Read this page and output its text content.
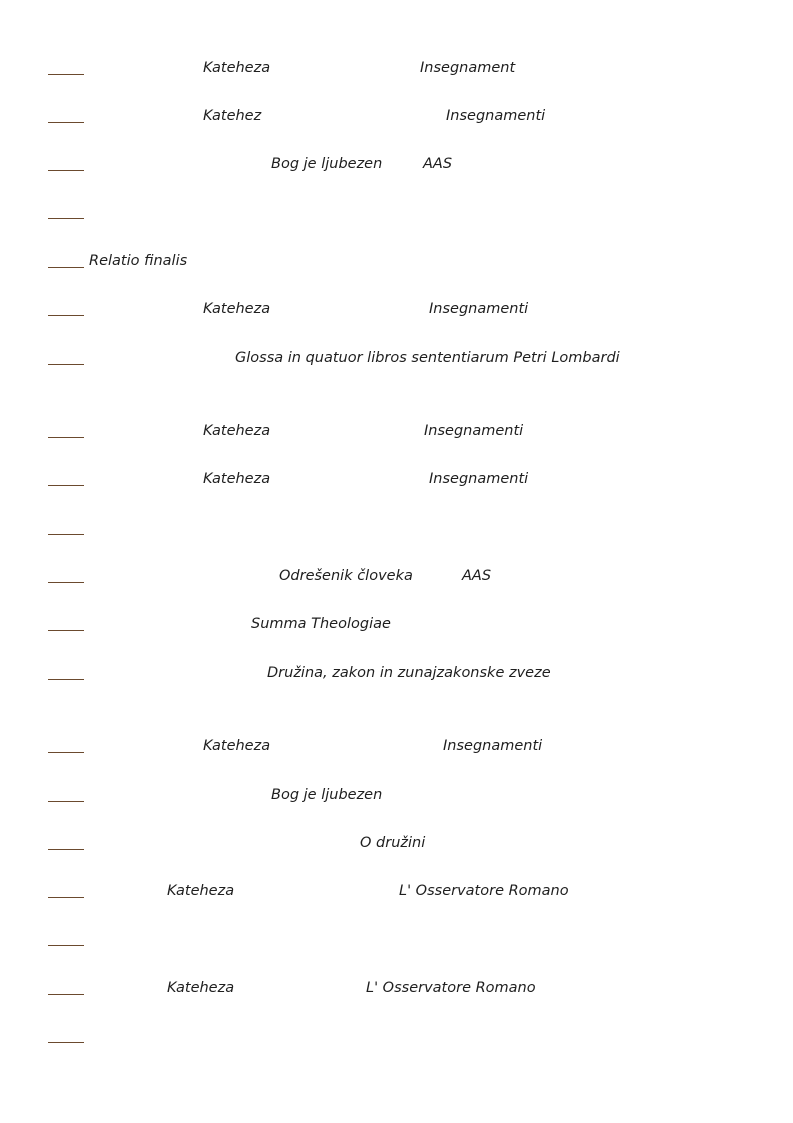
Kateheza	Insegnament
Katehez	Insegnamenti
Bog je ljubezen	AAS
Relatio finalis
Kateheza	Insegnamenti
Glossa in quatuor libros sententiarum Petri Lombardi
Kateheza	Insegnamenti
Kateheza	Insegnamenti
Odrešenik človeka	AAS
Summa Theologiae
Družina, zakon in zunajzakonske zveze
Kateheza	Insegnamenti
Bog je ljubezen
O družini
Kateheza	L' Osservatore Romano
Kateheza	L' Osservatore Romano
